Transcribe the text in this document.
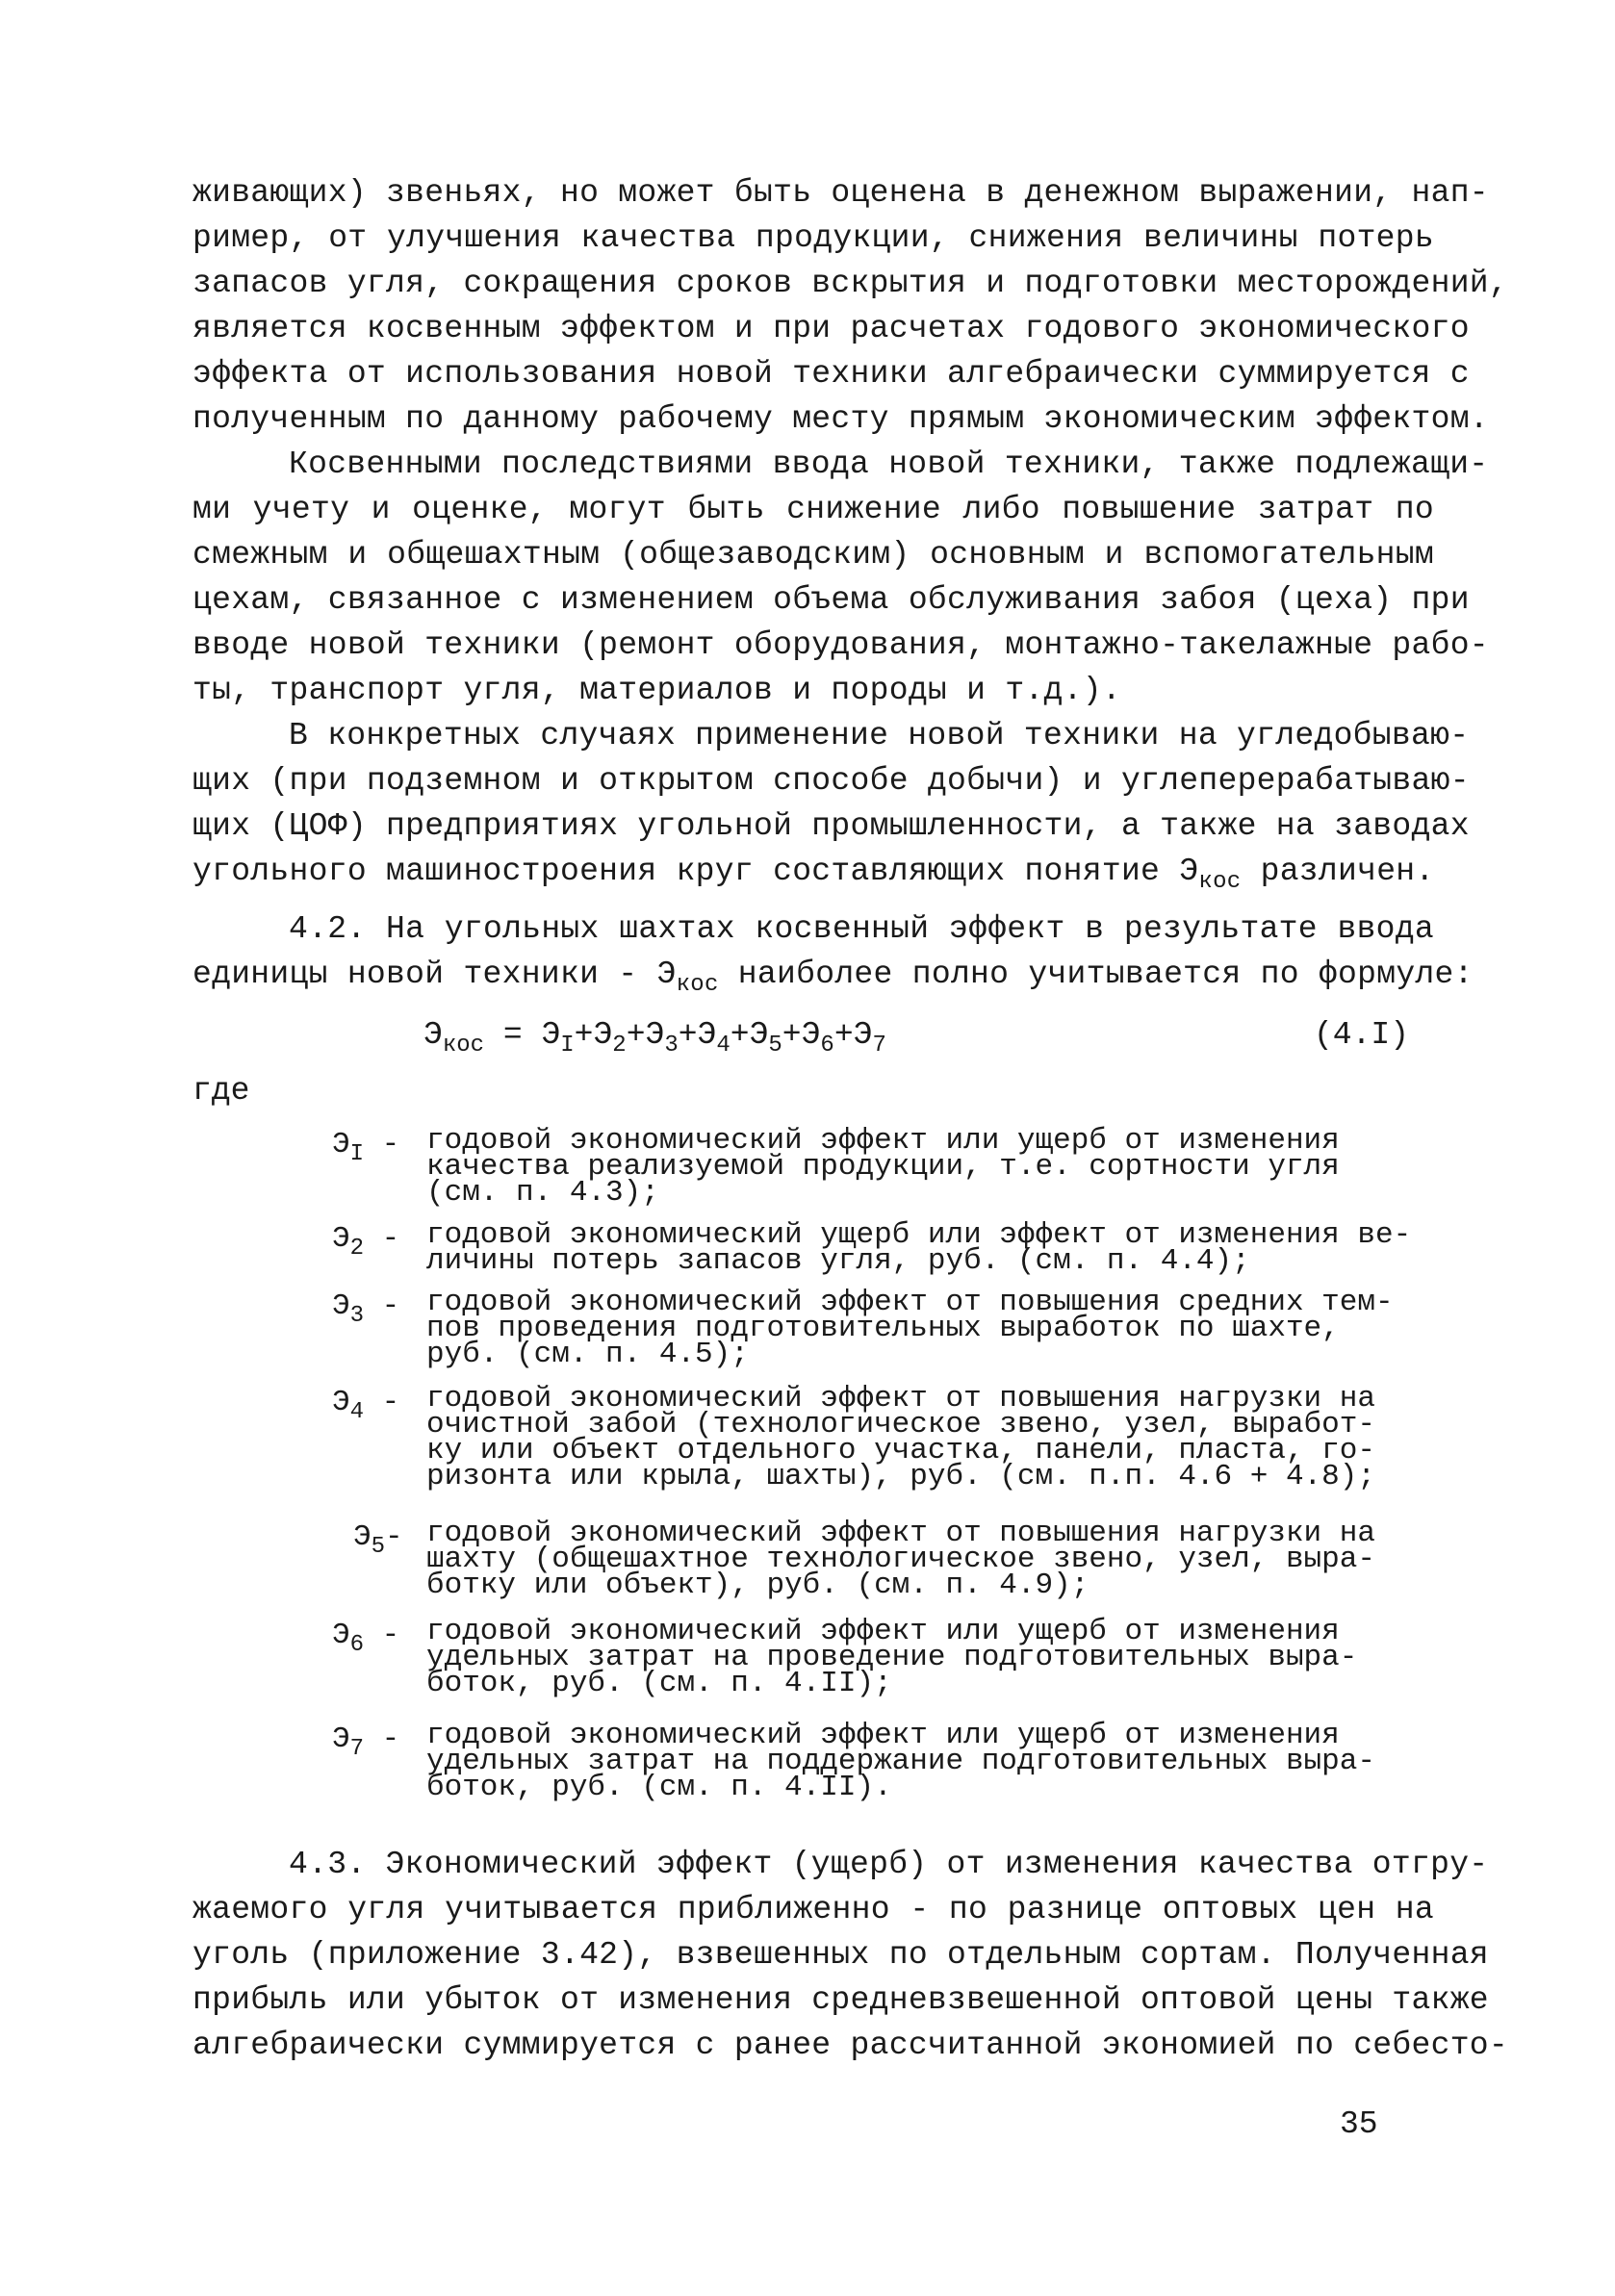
живающих) звеньях, но может быть оценена в денежном выражении, нап-
ример, от улучшения качества продукции, снижения величины потерь
запасов угля, сокращения сроков вскрытия и подготовки месторождений,
является косвенным эффектом и при расчетах годового экономического
эффекта от использования новой техники алгебраически суммируется с
полученным по данному рабочему месту прямым экономическим эффектом.
Косвенными последствиями ввода новой техники, также подлежащи-
ми учету и оценке, могут быть снижение либо повышение затрат по
смежным и общешахтным (общезаводским) основным и вспомогательным
цехам, связанное с изменением объема обслуживания забоя (цеха) при
вводе новой техники (ремонт оборудования, монтажно-такелажные рабо-
ты, транспорт угля, материалов и породы и т.д.).
В конкретных случаях применение новой техники на угледобываю-
щих (при подземном и открытом способе добычи) и углеперерабатываю-
щих (ЦОФ) предприятиях угольной промышленности, а также на заводах
угольного машиностроения круг составляющих понятие $Э_{кос}$ различен.
4.2. На угольных шахтах косвенный эффект в результате ввода
единицы новой техники - $Э_{кос}$ наиболее полно учитывается по формуле:
$Э_{кос} = Э_I+Э_2+Э_3+Э_4+Э_5+Э_6+Э_7$	(4.I)
где
$Э_I$ - годовой экономический эффект или ущерб от изменения
качества реализуемой продукции, т.е. сортности угля
(см. п. 4.3);
$Э_2$ - годовой экономический ущерб или эффект от изменения ве-
личины потерь запасов угля, руб. (см. п. 4.4);
$Э_3$ - годовой экономический эффект от повышения средних тем-
пов проведения подготовительных выработок по шахте,
руб. (см. п. 4.5);
$Э_4$ - годовой экономический эффект от повышения нагрузки на
очистной забой (технологическое звено, узел, выработ-
ку или объект отдельного участка, панели, пласта, го-
ризонта или крыла, шахты), руб. (см. п.п. 4.6 + 4.8);
$Э_5-$ годовой экономический эффект от повышения нагрузки на
шахту (общешахтное технологическое звено, узел, выра-
ботку или объект), руб. (см. п. 4.9);
$Э_6$ - годовой экономический эффект или ущерб от изменения
удельных затрат на проведение подготовительных выра-
боток, руб. (см. п. 4.II);
$Э_7$ - годовой экономический эффект или ущерб от изменения
удельных затрат на поддержание подготовительных выра-
боток, руб. (см. п. 4.II).
4.3. Экономический эффект (ущерб) от изменения качества отгру-
жаемого угля учитывается приближенно - по разнице оптовых цен на
уголь (приложение 3.42), взвешенных по отдельным сортам. Полученная
прибыль или убыток от изменения средневзвешенной оптовой цены также
алгебраически суммируется с ранее рассчитанной экономией по себесто-
35
